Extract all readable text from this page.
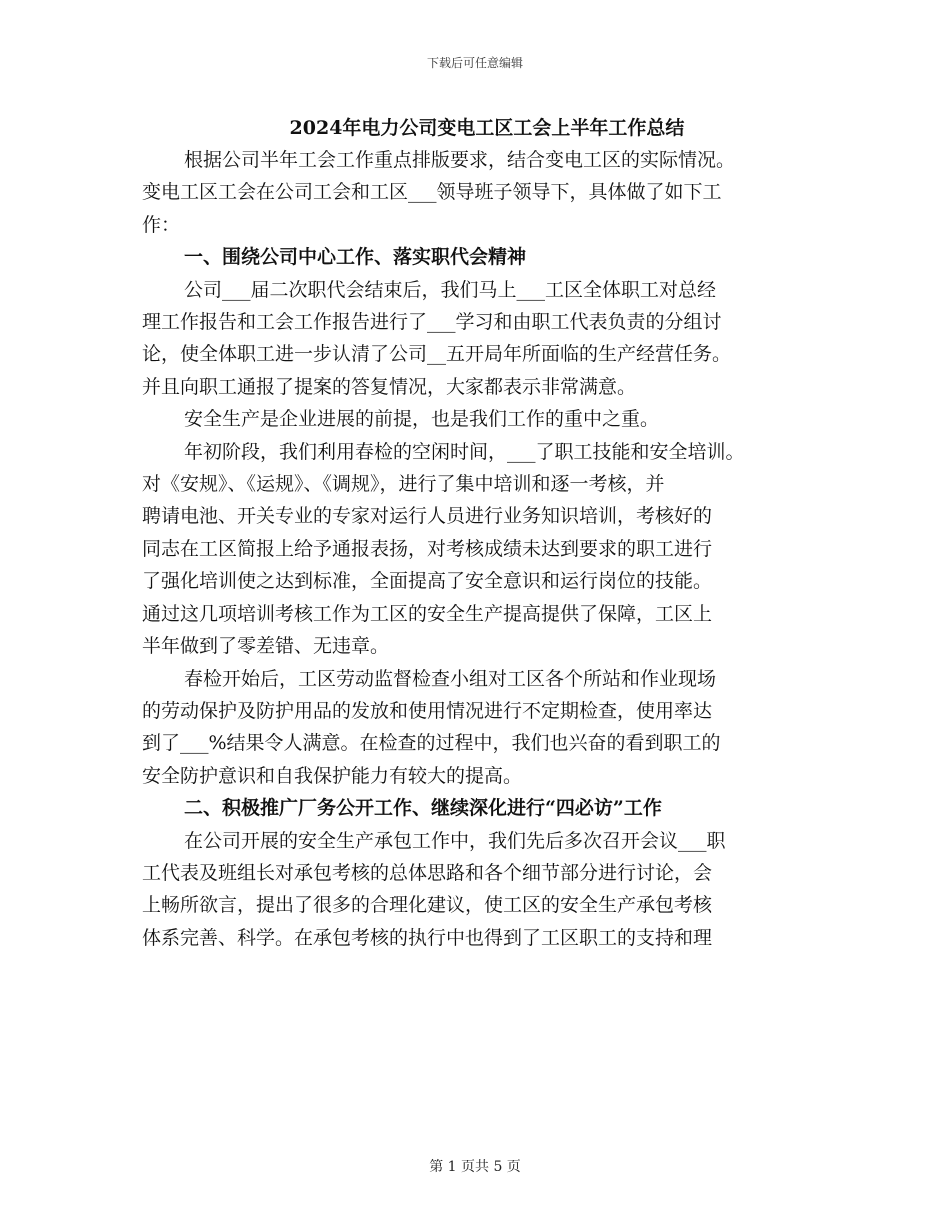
下载后可任意编辑
2024年电力公司变电工区工会上半年工作总结
根据公司半年工会工作重点排版要求，结合变电工区的实际情况。
变电工区工会在公司工会和工区___领导班子领导下，具体做了如下工
作：
一、围绕公司中心工作、落实职代会精神
公司___届二次职代会结束后，我们马上___工区全体职工对总经
理工作报告和工会工作报告进行了___学习和由职工代表负责的分组讨
论，使全体职工进一步认清了公司__五开局年所面临的生产经营任务。
并且向职工通报了提案的答复情况，大家都表示非常满意。
安全生产是企业进展的前提，也是我们工作的重中之重。
年初阶段，我们利用春检的空闲时间，___了职工技能和安全培训。
对《安规》、《运规》、《调规》，进行了集中培训和逐一考核，并
聘请电池、开关专业的专家对运行人员进行业务知识培训，考核好的
同志在工区简报上给予通报表扬，对考核成绩未达到要求的职工进行
了强化培训使之达到标准，全面提高了安全意识和运行岗位的技能。
通过这几项培训考核工作为工区的安全生产提高提供了保障，工区上
半年做到了零差错、无违章。
春检开始后，工区劳动监督检查小组对工区各个所站和作业现场
的劳动保护及防护用品的发放和使用情况进行不定期检查，使用率达
到了___%结果令人满意。在检查的过程中，我们也兴奋的看到职工的
安全防护意识和自我保护能力有较大的提高。
二、积极推广厂务公开工作、继续深化进行“四必访”工作
在公司开展的安全生产承包工作中，我们先后多次召开会议___职
工代表及班组长对承包考核的总体思路和各个细节部分进行讨论，会
上畅所欲言，提出了很多的合理化建议，使工区的安全生产承包考核
体系完善、科学。在承包考核的执行中也得到了工区职工的支持和理
第 1 页共 5 页
